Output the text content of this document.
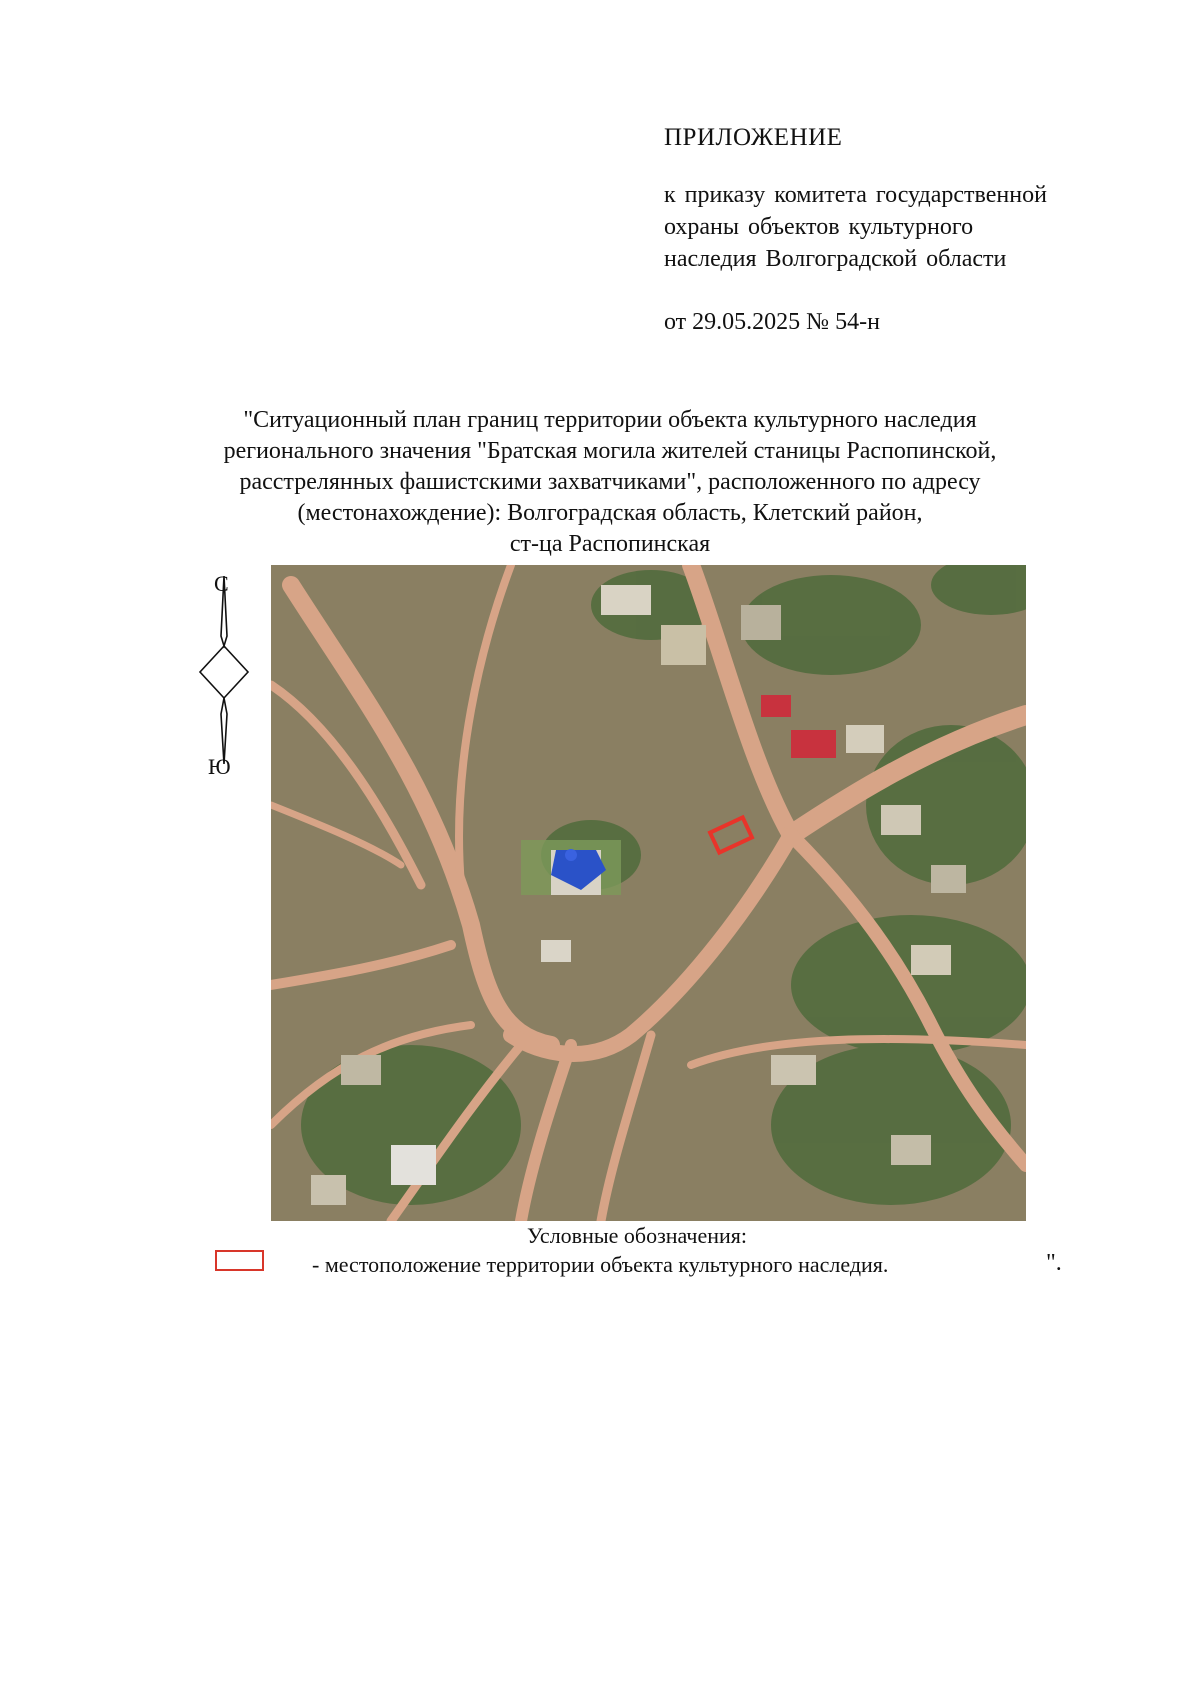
ПРИЛОЖЕНИЕ
к приказу комитета государственной
охраны объектов культурного
наследия Волгоградской области
от 29.05.2025 № 54-н
"Ситуационный план границ территории объекта культурного наследия
регионального значения "Братская могила жителей станицы Распопинской,
расстрелянных фашистскими захватчиками", расположенного по адресу
(местонахождение): Волгоградская область, Клетский район,
ст-ца Распопинская
С
Ю
Условные обозначения:
- местоположение территории объекта культурного наследия.	".
